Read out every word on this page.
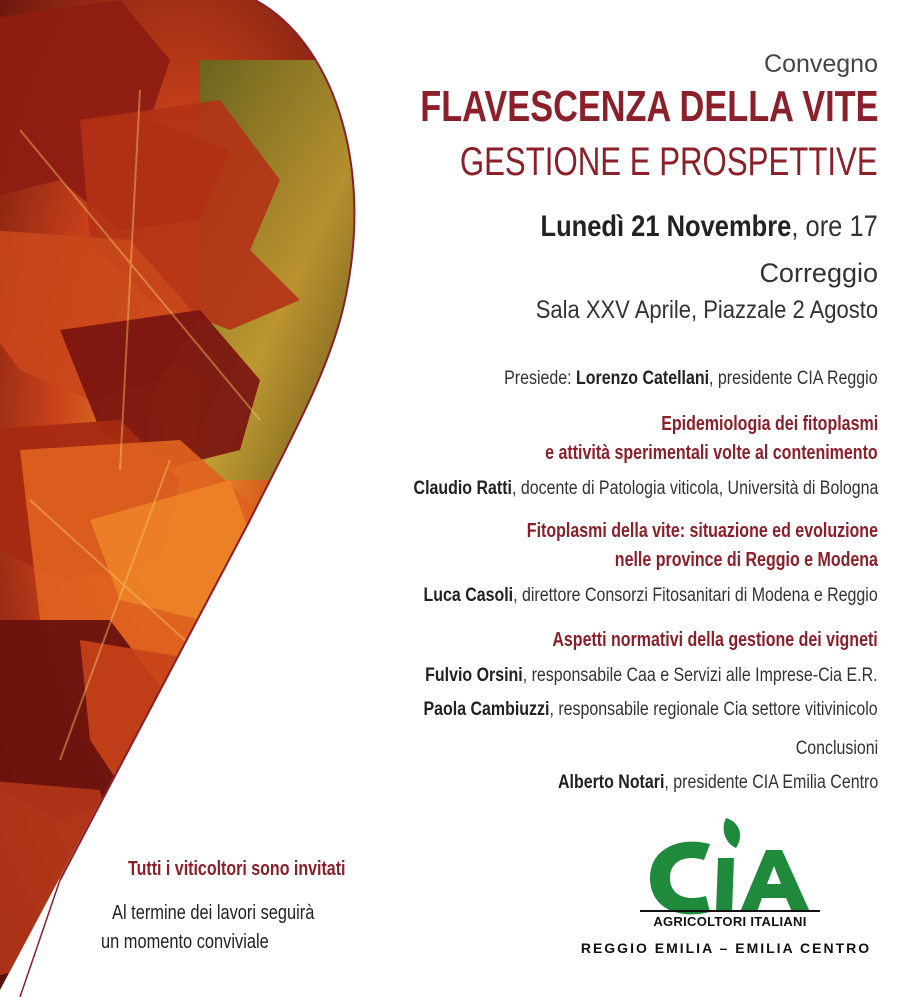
Convegno
FLAVESCENZA DELLA VITE
GESTIONE E PROSPETTIVE
Lunedì 21 Novembre, ore 17
Correggio
Sala XXV Aprile, Piazzale 2 Agosto
Presiede: Lorenzo Catellani, presidente CIA Reggio
Epidemiologia dei fitoplasmi
e attività sperimentali volte al contenimento
Claudio Ratti, docente di Patologia viticola, Università di Bologna
Fitoplasmi della vite: situazione ed evoluzione
nelle province di Reggio e Modena
Luca Casoli, direttore Consorzi Fitosanitari di Modena e Reggio
Aspetti normativi della gestione dei vigneti
Fulvio Orsini, responsabile Caa e Servizi alle Imprese-Cia E.R.
Paola Cambiuzzi, responsabile regionale Cia settore vitivinicolo
Conclusioni
Alberto Notari, presidente CIA Emilia Centro
Tutti i viticoltori sono invitati
Al termine dei lavori seguirà
un momento conviviale
AGRICOLTORI ITALIANI
REGGIO EMILIA – EMILIA CENTRO
